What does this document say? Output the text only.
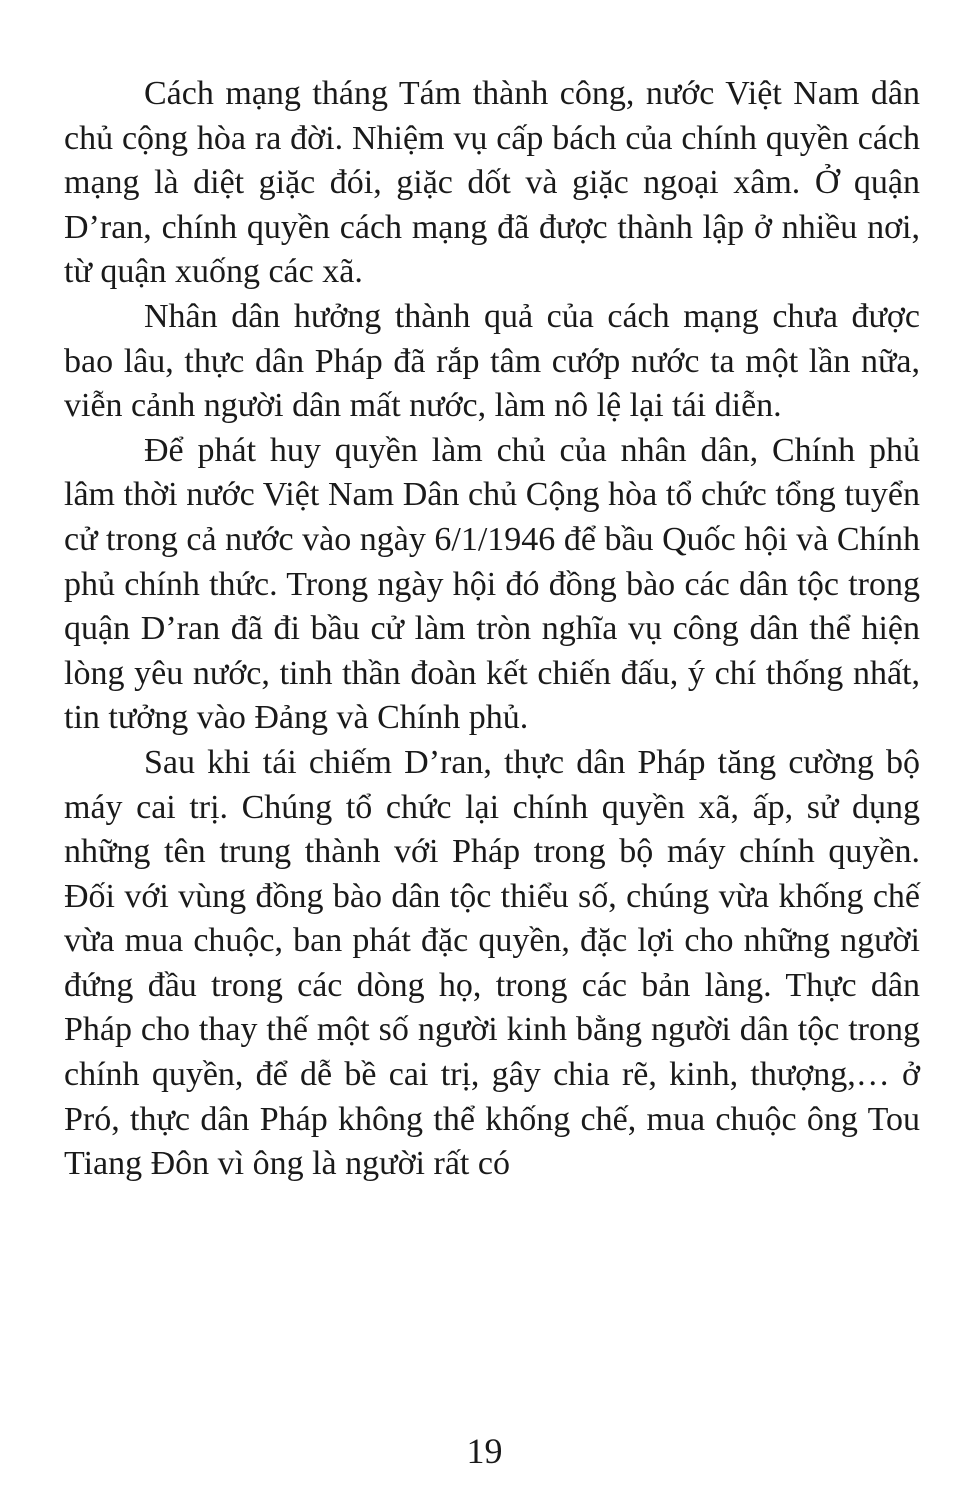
Cách mạng tháng Tám thành công, nước Việt Nam dân chủ cộng hòa ra đời. Nhiệm vụ cấp bách của chính quyền cách mạng là diệt giặc đói, giặc dốt và giặc ngoại xâm. Ở quận D’ran, chính quyền cách mạng đã được thành lập ở nhiều nơi, từ quận xuống các xã.

Nhân dân hưởng thành quả của cách mạng chưa được bao lâu, thực dân Pháp đã rắp tâm cướp nước ta một lần nữa, viễn cảnh người dân mất nước, làm nô lệ lại tái diễn.

Để phát huy quyền làm chủ của nhân dân, Chính phủ lâm thời nước Việt Nam Dân chủ Cộng hòa tổ chức tổng tuyển cử trong cả nước vào ngày 6/1/1946 để bầu Quốc hội và Chính phủ chính thức. Trong ngày hội đó đồng bào các dân tộc trong quận D’ran đã đi bầu cử làm tròn nghĩa vụ công dân thể hiện lòng yêu nước, tinh thần đoàn kết chiến đấu, ý chí thống nhất, tin tưởng vào Đảng và Chính phủ.

Sau khi tái chiếm D’ran, thực dân Pháp tăng cường bộ máy cai trị. Chúng tổ chức lại chính quyền xã, ấp, sử dụng những tên trung thành với Pháp trong bộ máy chính quyền. Đối với vùng đồng bào dân tộc thiểu số, chúng vừa khống chế vừa mua chuộc, ban phát đặc quyền, đặc lợi cho những người đứng đầu trong các dòng họ, trong các bản làng. Thực dân Pháp cho thay thế một số người kinh bằng người dân tộc trong chính quyền, để dễ bề cai trị, gây chia rẽ, kinh, thượng,… ở Pró, thực dân Pháp không thể khống chế, mua chuộc ông Tou Tiang Đôn vì ông là người rất có

19
